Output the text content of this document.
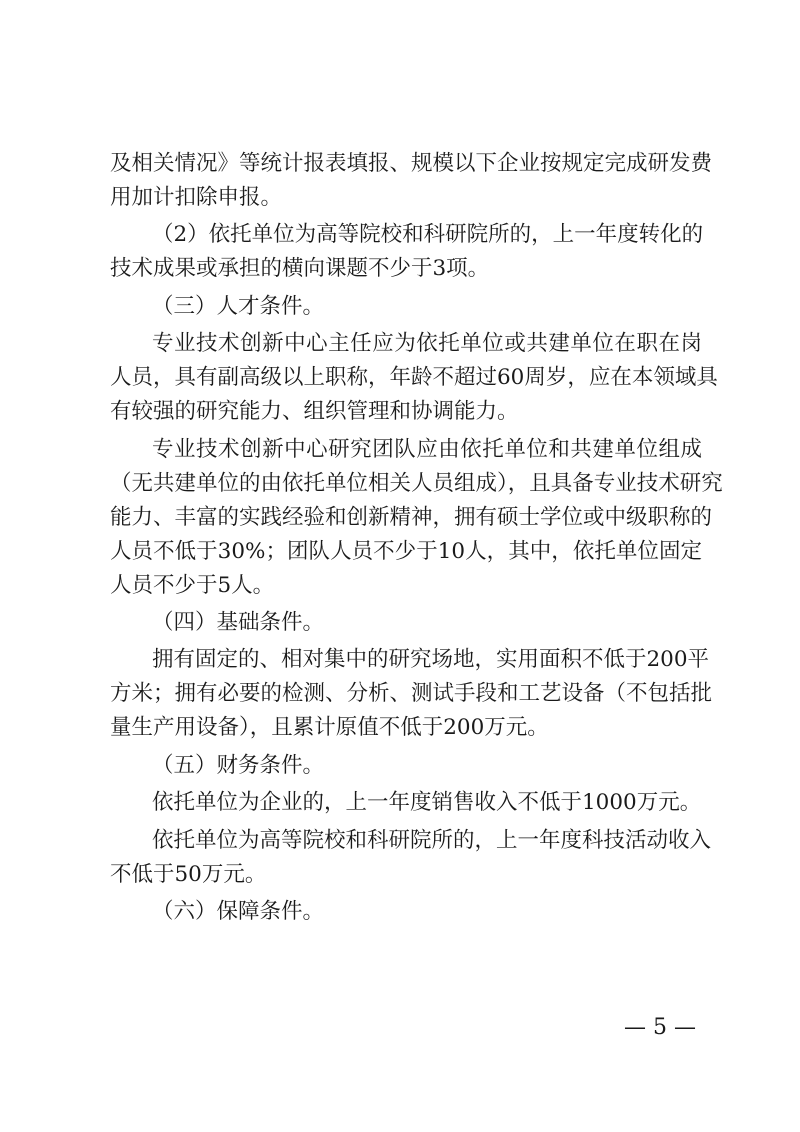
及相关情况》等统计报表填报、规模以下企业按规定完成研发费
用加计扣除申报。

（2）依托单位为高等院校和科研院所的，上一年度转化的
技术成果或承担的横向课题不少于3项。

（三）人才条件。

专业技术创新中心主任应为依托单位或共建单位在职在岗
人员，具有副高级以上职称，年龄不超过60周岁，应在本领域具
有较强的研究能力、组织管理和协调能力。

专业技术创新中心研究团队应由依托单位和共建单位组成
（无共建单位的由依托单位相关人员组成），且具备专业技术研究
能力、丰富的实践经验和创新精神，拥有硕士学位或中级职称的
人员不低于30%；团队人员不少于10人，其中，依托单位固定
人员不少于5人。

（四）基础条件。

拥有固定的、相对集中的研究场地，实用面积不低于200平
方米；拥有必要的检测、分析、测试手段和工艺设备（不包括批
量生产用设备），且累计原值不低于200万元。

（五）财务条件。

依托单位为企业的，上一年度销售收入不低于1000万元。

依托单位为高等院校和科研院所的，上一年度科技活动收入
不低于50万元。

（六）保障条件。

— 5 —
